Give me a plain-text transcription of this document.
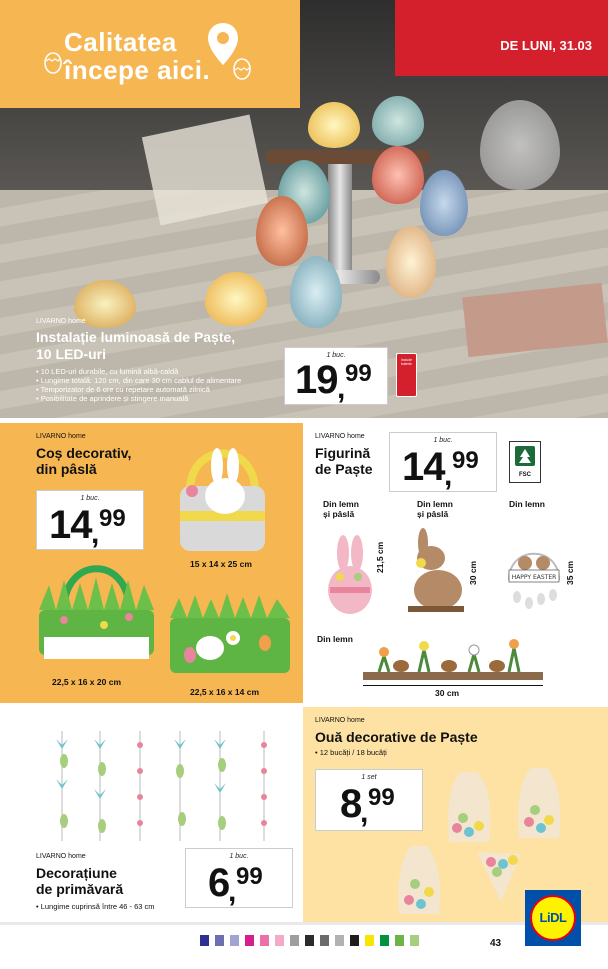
Calitatea
începe aici.
DE LUNI, 31.03
LIVARNO home
Instalație luminoasă de Paște,
10 LED-uri
• 10 LED-uri durabile, cu lumină albă-caldă
• Lungime totală: 120 cm, din care 30 cm cablul de alimentare
• Temporizator de 6 ore cu repetare automată zilnică
• Posibilitate de aprindere și stingere manuală
1 buc.
19 , 99	Include baterie
LIVARNO home
Coș decorativ,
din pâslă
1 buc.
14 , 99
15 x 14 x 25 cm
22,5 x 16 x 20 cm
22,5 x 16 x 14 cm
LIVARNO home
Figurină
de Paște
1 buc.
14 , 99
FSC
Din lemn
și pâslă
Din lemn
și pâslă
Din lemn
21,5 cm	30 cm	HAPPY EASTER 35 cm
Din lemn
30 cm
LIVARNO home
Decorațiune
de primăvară
• Lungime cuprinsă între 46 - 63 cm
1 buc.
6
, 99
LIVARNO home
Ouă decorative de Paște
• 12 bucăți / 18 bucăți
1 set
8
, 99
43
LiDL
